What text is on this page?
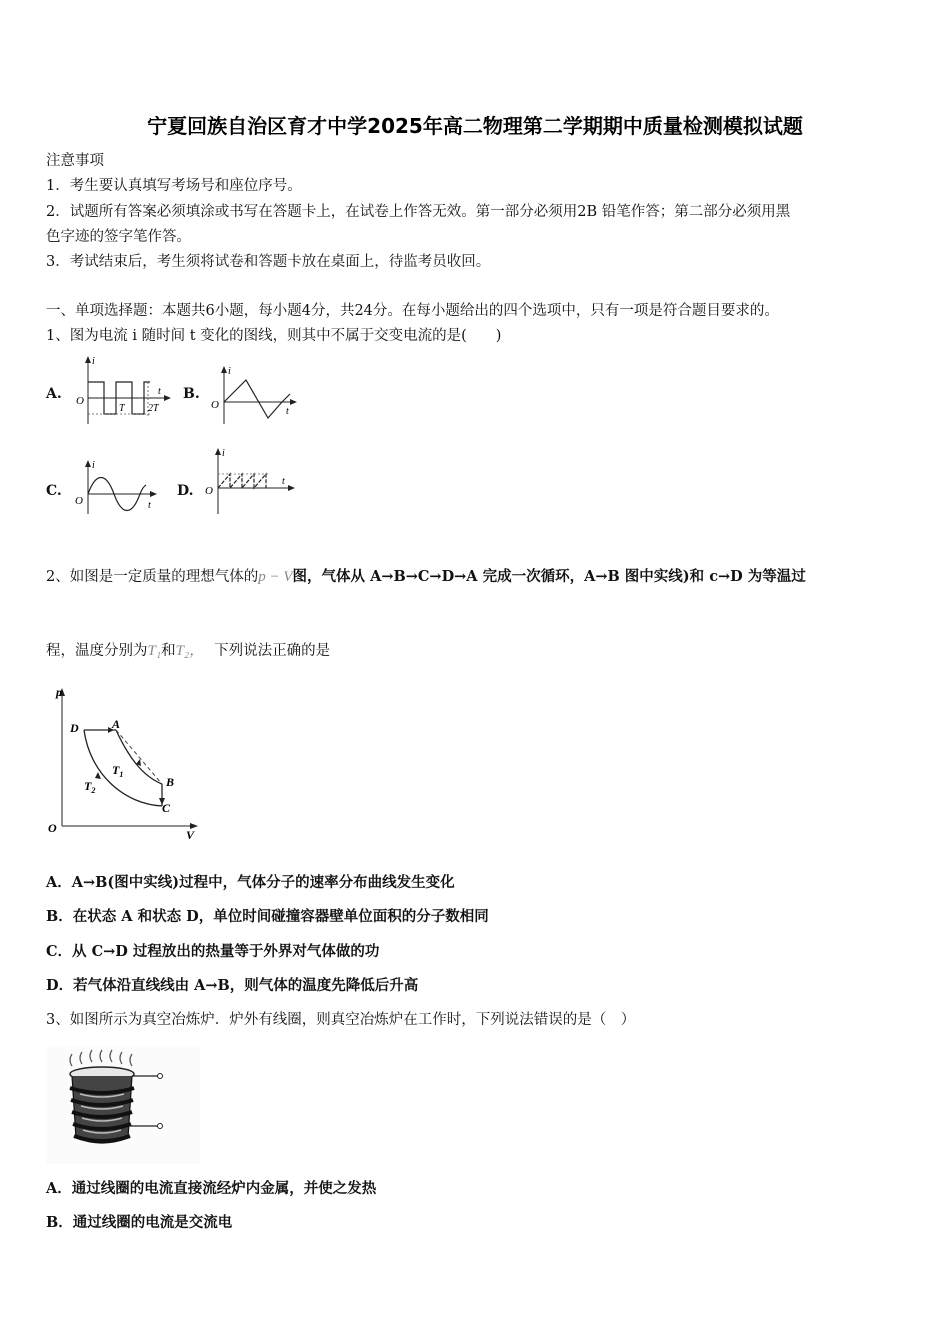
宁夏回族自治区育才中学2025年高二物理第二学期期中质量检测模拟试题
注意事项
1．考生要认真填写考场号和座位序号。
2．试题所有答案必须填涂或书写在答题卡上，在试卷上作答无效。第一部分必须用2B 铅笔作答；第二部分必须用黑
色字迹的签字笔作答。
3．考试结束后，考生须将试卷和答题卡放在桌面上，待监考员收回。
一、单项选择题：本题共6小题，每小题4分，共24分。在每小题给出的四个选项中，只有一项是符合题目要求的。
1、图为电流 i 随时间 t 变化的图线，则其中不属于交变电流的是(　　)
A.	B.
C.	D.
i
O
t
T 2T
i
O
t
i
O	t
i
O
t
2、如图是一定质量的理想气体的p − V图，气体从 A→B→C→D→A 完成一次循环，A→B 图中实线)和 c→D 为等温过
程，温度分别为T₁和T₂， 下列说法正确的是
p
V
O
D	A
B
C
$T_1$
$T_2$
A．A→B(图中实线)过程中，气体分子的速率分布曲线发生变化
B．在状态 A 和状态 D，单位时间碰撞容器壁单位面积的分子数相同
C．从 C→D 过程放出的热量等于外界对气体做的功
D．若气体沿直线线由 A→B，则气体的温度先降低后升高
3、如图所示为真空冶炼炉．炉外有线圈，则真空冶炼炉在工作时，下列说法错误的是（　）
A．通过线圈的电流直接流经炉内金属，并使之发热
B．通过线圈的电流是交流电
